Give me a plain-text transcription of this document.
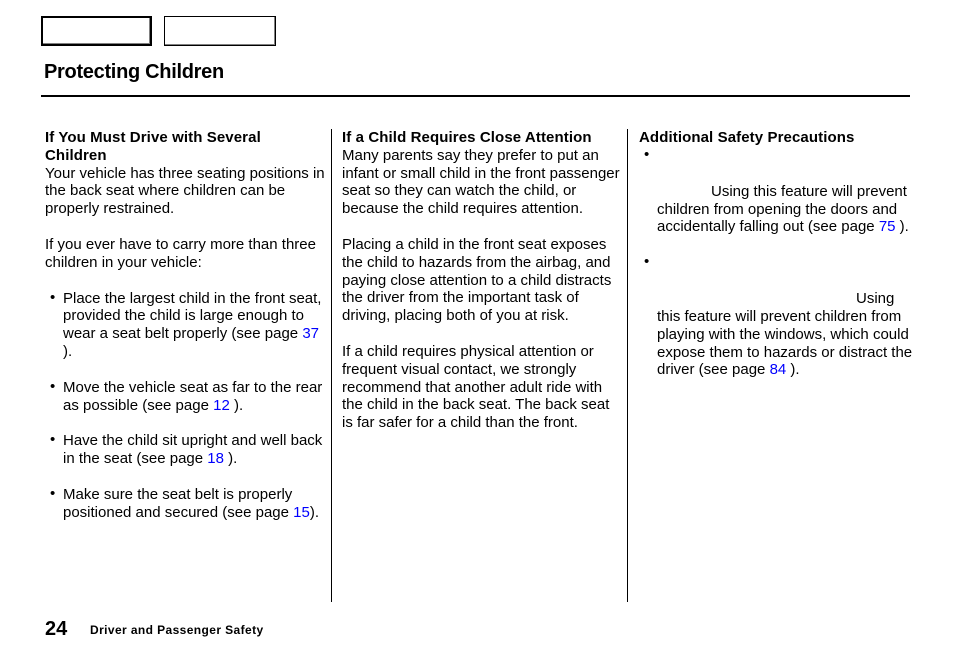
Protecting Children
If You Must Drive with Several Children

Your vehicle has three seating positions in the back seat where children can be properly restrained.

If you ever have to carry more than three children in your vehicle:

• Place the largest child in the front seat, provided the child is large enough to wear a seat belt properly (see page 37 ).
• Move the vehicle seat as far to the rear as possible (see page 12 ).
• Have the child sit upright and well back in the seat (see page 18 ).
• Make sure the seat belt is properly positioned and secured (see page 15).
If a Child Requires Close Attention

Many parents say they prefer to put an infant or small child in the front passenger seat so they can watch the child, or because the child requires attention.

Placing a child in the front seat exposes the child to hazards from the airbag, and paying close attention to a child distracts the driver from the important task of driving, placing both of you at risk.

If a child requires physical attention or frequent visual contact, we strongly recommend that another adult ride with the child in the back seat. The back seat is far safer for a child than the front.

Additional Safety Precautions
•
Using this feature will prevent children from opening the doors and accidentally falling out (see page 75 ).
•
Using this feature will prevent children from playing with the windows, which could expose them to hazards or distract the driver (see page 84 ).
24 Driver and Passenger Safety
